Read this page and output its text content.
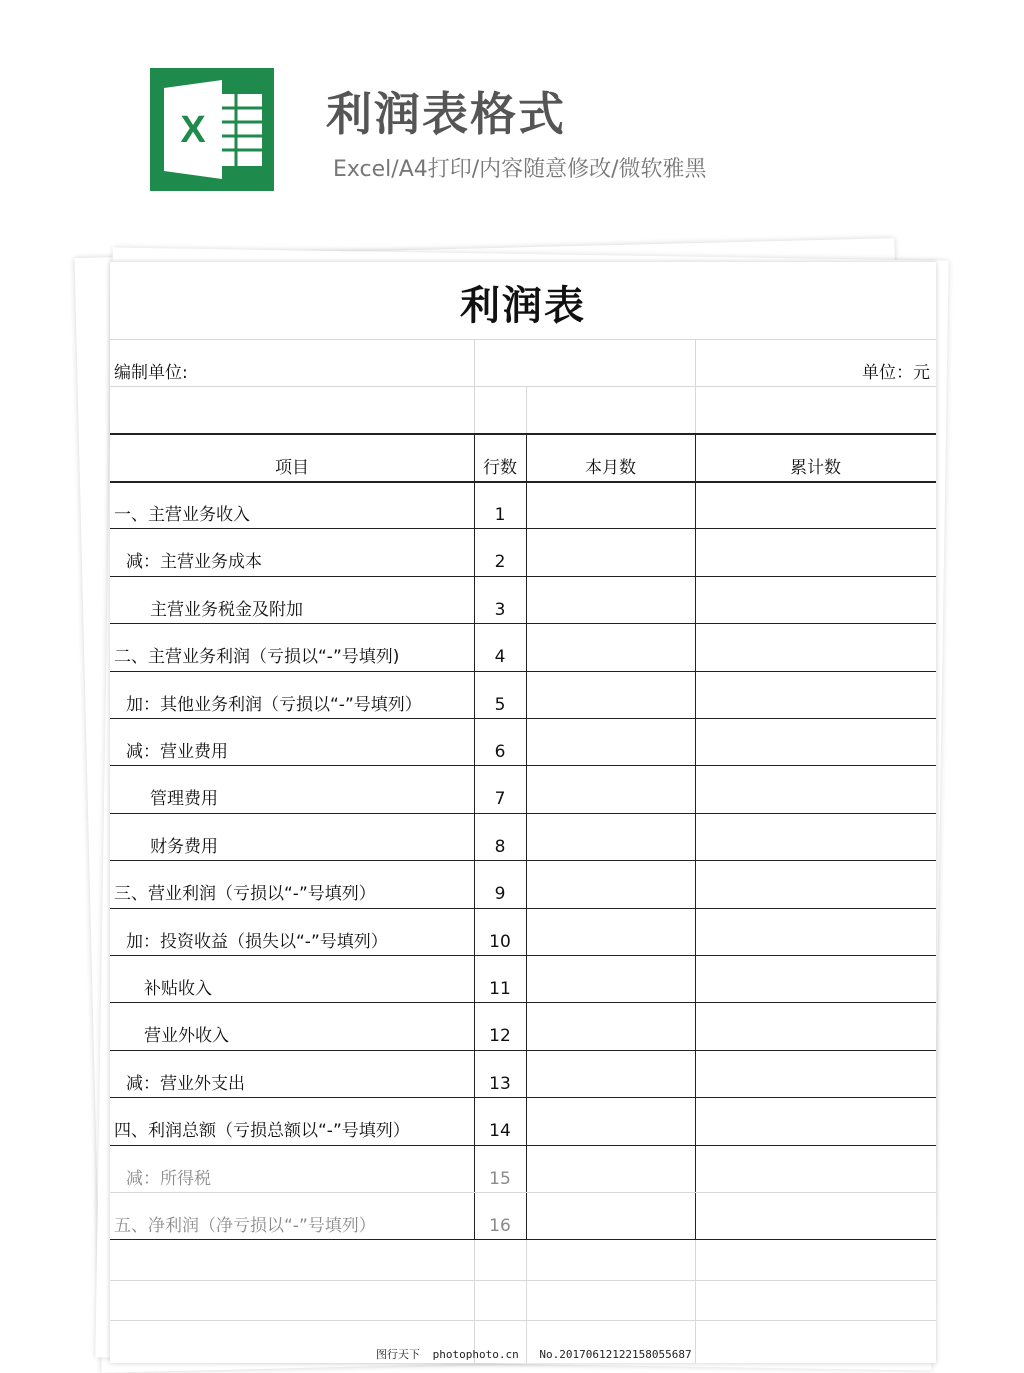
X	利润表格式
Excel/A4打印/内容随意修改/微软雅黑
利润表
编制单位:	单位：元
项目	行数	本月数	累计数
一、主营业务收入	1
减：主营业务成本	2
主营业务税金及附加	3
二、主营业务利润（亏损以“-”号填列)	4
加：其他业务利润（亏损以“-”号填列）	5
减：营业费用	6
管理费用	7
财务费用	8
三、营业利润（亏损以“-”号填列）	9
加：投资收益（损失以“-”号填列）	10
补贴收入	11
营业外收入	12
减：营业外支出	13
四、利润总额（亏损总额以“-”号填列）	14
减：所得税	15
五、净利润（净亏损以“-”号填列）	16
图行天下 photophoto.cn No.20170612122158055687
